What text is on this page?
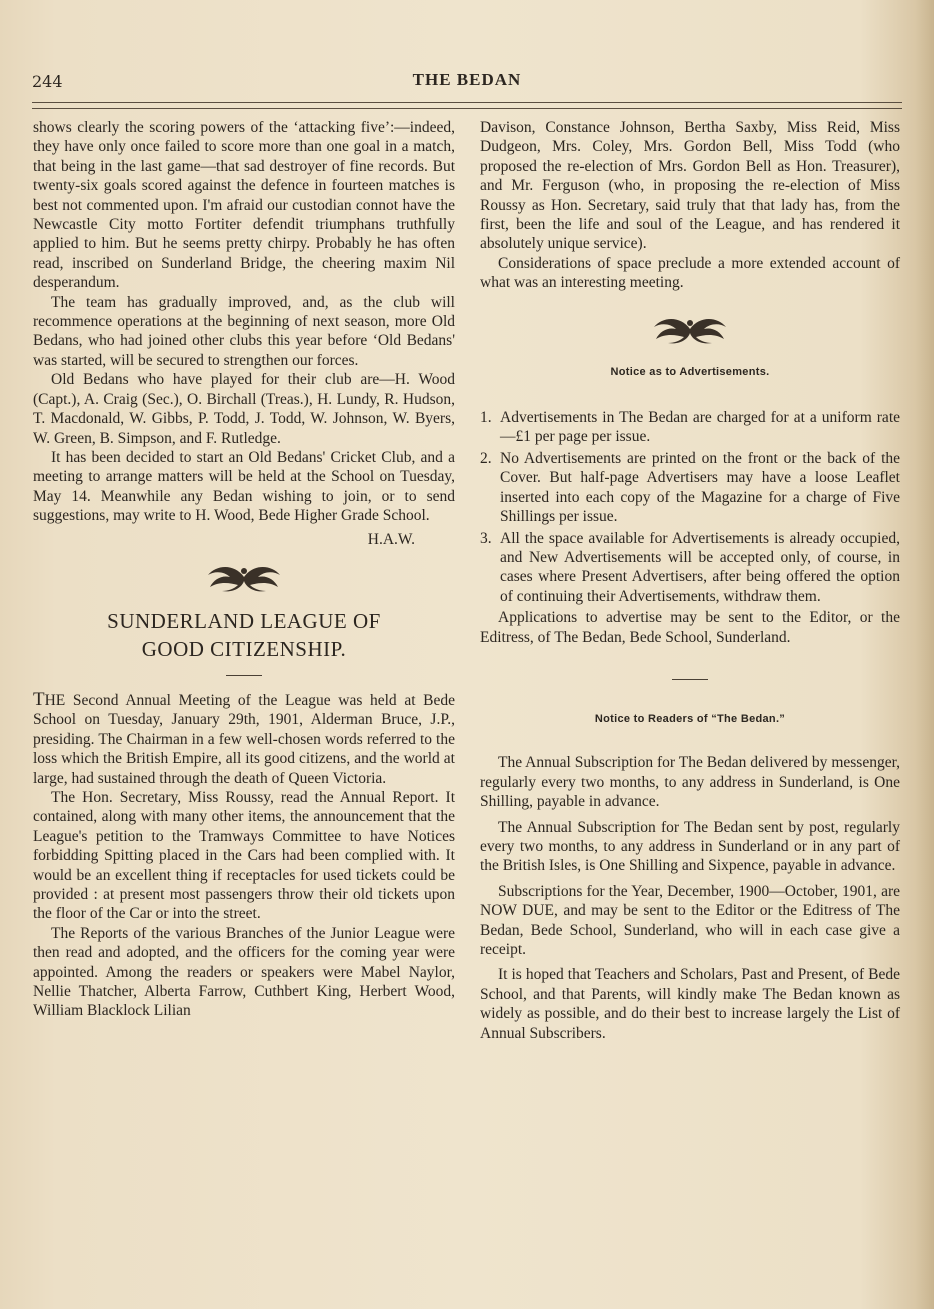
244	THE BEDAN

shows clearly the scoring powers of the ‘attacking five’:—indeed, they have only once failed to score more than one goal in a match, that being in the last game—that sad destroyer of fine records. But twenty-six goals scored against the defence in fourteen matches is best not commented upon. I'm afraid our custodian connot have the Newcastle City motto Fortiter defendit triumphans truthfully applied to him. But he seems pretty chirpy. Probably he has often read, inscribed on Sunderland Bridge, the cheering maxim Nil desperandum.

The team has gradually improved, and, as the club will recommence operations at the beginning of next season, more Old Bedans, who had joined other clubs this year before ‘Old Bedans' was started, will be secured to strengthen our forces.

Old Bedans who have played for their club are—H. Wood (Capt.), A. Craig (Sec.), O. Birchall (Treas.), H. Lundy, R. Hudson, T. Macdonald, W. Gibbs, P. Todd, J. Todd, W. Johnson, W. Byers, W. Green, B. Simpson, and F. Rutledge.

It has been decided to start an Old Bedans' Cricket Club, and a meeting to arrange matters will be held at the School on Tuesday, May 14. Meanwhile any Bedan wishing to join, or to send suggestions, may write to H. Wood, Bede Higher Grade School.

H.A.W.
SUNDERLAND LEAGUE OF
GOOD CITIZENSHIP.

THE Second Annual Meeting of the League was held at Bede School on Tuesday, January 29th, 1901, Alderman Bruce, J.P., presiding. The Chairman in a few well-chosen words referred to the loss which the British Empire, all its good citizens, and the world at large, had sustained through the death of Queen Victoria.

The Hon. Secretary, Miss Roussy, read the Annual Report. It contained, along with many other items, the announcement that the League's petition to the Tramways Committee to have Notices forbidding Spitting placed in the Cars had been complied with. It would be an excellent thing if receptacles for used tickets could be provided : at present most passengers throw their old tickets upon the floor of the Car or into the street.

The Reports of the various Branches of the Junior League were then read and adopted, and the officers for the coming year were appointed. Among the readers or speakers were Mabel Naylor, Nellie Thatcher, Alberta Farrow, Cuthbert King, Herbert Wood, William Blacklock Lilian

Davison, Constance Johnson, Bertha Saxby, Miss Reid, Miss Dudgeon, Mrs. Coley, Mrs. Gordon Bell, Miss Todd (who proposed the re-election of Mrs. Gordon Bell as Hon. Treasurer), and Mr. Ferguson (who, in proposing the re-election of Miss Roussy as Hon. Secretary, said truly that that lady has, from the first, been the life and soul of the League, and has rendered it absolutely unique service).

Considerations of space preclude a more extended account of what was an interesting meeting.

Notice as to Advertisements.
1. Advertisements in The Bedan are charged for at a uniform rate—£1 per page per issue.
2. No Advertisements are printed on the front or the back of the Cover. But half-page Advertisers may have a loose Leaflet inserted into each copy of the Magazine for a charge of Five Shillings per issue.
3. All the space available for Advertisements is already occupied, and New Advertisements will be accepted only, of course, in cases where Present Advertisers, after being offered the option of continuing their Advertisements, withdraw them.

Applications to advertise may be sent to the Editor, or the Editress, of The Bedan, Bede School, Sunderland.

Notice to Readers of “The Bedan.”

The Annual Subscription for The Bedan delivered by messenger, regularly every two months, to any address in Sunderland, is One Shilling, payable in advance.

The Annual Subscription for The Bedan sent by post, regularly every two months, to any address in Sunderland or in any part of the British Isles, is One Shilling and Sixpence, payable in advance.

Subscriptions for the Year, December, 1900—October, 1901, are NOW DUE, and may be sent to the Editor or the Editress of The Bedan, Bede School, Sunderland, who will in each case give a receipt.

It is hoped that Teachers and Scholars, Past and Present, of Bede School, and that Parents, will kindly make The Bedan known as widely as possible, and do their best to increase largely the List of Annual Subscribers.
